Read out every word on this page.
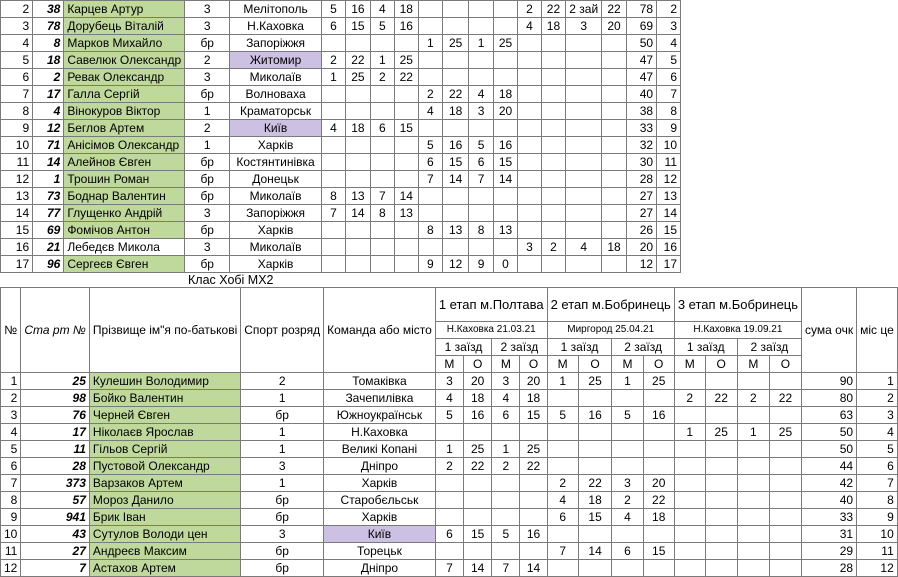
2	38	Карцев Артур	3	Мелітополь	5	16	4	18					2	22	2 зай	22	78	2
3	78	Дорубець Віталій	3	Н.Каховка	6	15	5	16					4	18	3	20	69	3
4	8	Марков Михайло	бр	Запоріжжя					1	25	1	25					50	4
5	18	Савелюк Олександр	2	Житомир	2	22	1	25									47	5
6	2	Ревак Олександр	3	Миколаїв	1	25	2	22									47	6
7	17	Галла Сергій	бр	Волноваха					2	22	4	18					40	7
8	4	Вінокуров Віктор	1	Краматорськ					4	18	3	20					38	8
9	12	Беглов Артем	2	Київ	4	18	6	15									33	9
10	71	Анісімов Олександр	1	Харків					5	16	5	16					32	10
11	14	Алейнов Євген	бр	Костянтинівка					6	15	6	15					30	11
12	1	Трошин Роман	бр	Донецьк					7	14	7	14					28	12
13	73	Боднар Валентин	бр	Миколаїв	8	13	7	14									27	13
14	77	Глущенко Андрій	3	Запоріжжя	7	14	8	13									27	14
15	69	Фомічов Антон	бр	Харків					8	13	8	13					26	15
16	21	Лебедєв Микола	3	Миколаїв									3	2	4	18	20	16
17	96	Сергеєв Євген	бр	Харків					9	12	9	0					12	17
Клас Хобі МХ2
№	Ста рт №	Прізвище ім"я по-батькові	Спорт розряд	Команда або місто	1 етап м.Полтава				2 етап м.Бобринець				3 етап м.Бобринець				сума очк	міс це
					Н.Каховка 21.03.21				Миргород 25.04.21				Н.Каховка 19.09.21					
					1 заїзд		2 заїзд		1 заїзд		2 заїзд		1 заїзд		2 заїзд			
					М	О	М	О	М	О	М	О	М	О	М	О		
1	25	Кулешин Володимир	2	Томаківка	3	20	3	20	1	25	1	25					90	1
2	98	Бойко Валентин	1	Зачепилівка	4	18	4	18					2	22	2	22	80	2
3	76	Черней Євген	бр	Южноукраїнськ	5	16	6	15	5	16	5	16					63	3
4	17	Ніколаєв Ярослав	1	Н.Каховка									1	25	1	25	50	4
5	11	Гільов Сергій	1	Великі Копані	1	25	1	25									50	5
6	28	Пустовой Олександр	3	Дніпро	2	22	2	22									44	6
7	373	Варзаков Артем	1	Харків					2	22	3	20					42	7
8	57	Мороз Данило	бр	Старобєльськ					4	18	2	22					40	8
9	941	Брик Іван	бр	Харків					6	15	4	18					33	9
10	43	Сутулов Володи цен	3	Київ	6	15	5	16									31	10
11	27	Андреєв Максим	бр	Торецьк					7	14	6	15					29	11
12	7	Астахов Артем	бр	Дніпро	7	14	7	14									28	12
